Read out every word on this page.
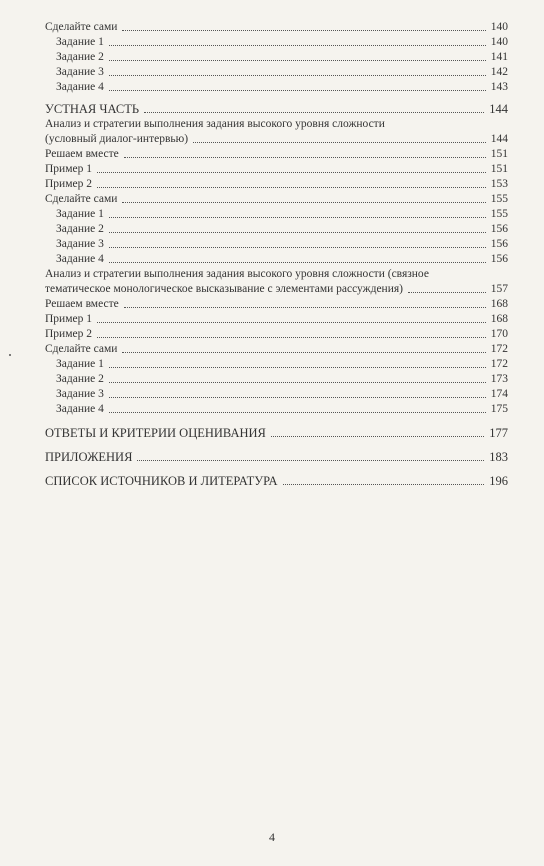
Сделайте сами	140
Задание 1	140
Задание 2	141
Задание 3	142
Задание 4	143
УСТНАЯ ЧАСТЬ	144
Анализ и стратегии выполнения задания высокого уровня сложности
(условный диалог-интервью)	144
Решаем вместе	151
Пример 1	151
Пример 2	153
Сделайте сами	155
Задание 1	155
Задание 2	156
Задание 3	156
Задание 4	156
Анализ и стратегии выполнения задания высокого уровня сложности (связное
тематическое монологическое высказывание с элементами рассуждения)	157
Решаем вместе	168
Пример 1	168
Пример 2	170
Сделайте сами	172
Задание 1	172
Задание 2	173
Задание 3	174
Задание 4	175
ОТВЕТЫ И КРИТЕРИИ ОЦЕНИВАНИЯ	177
ПРИЛОЖЕНИЯ	183
СПИСОК ИСТОЧНИКОВ И ЛИТЕРАТУРА	196
4
